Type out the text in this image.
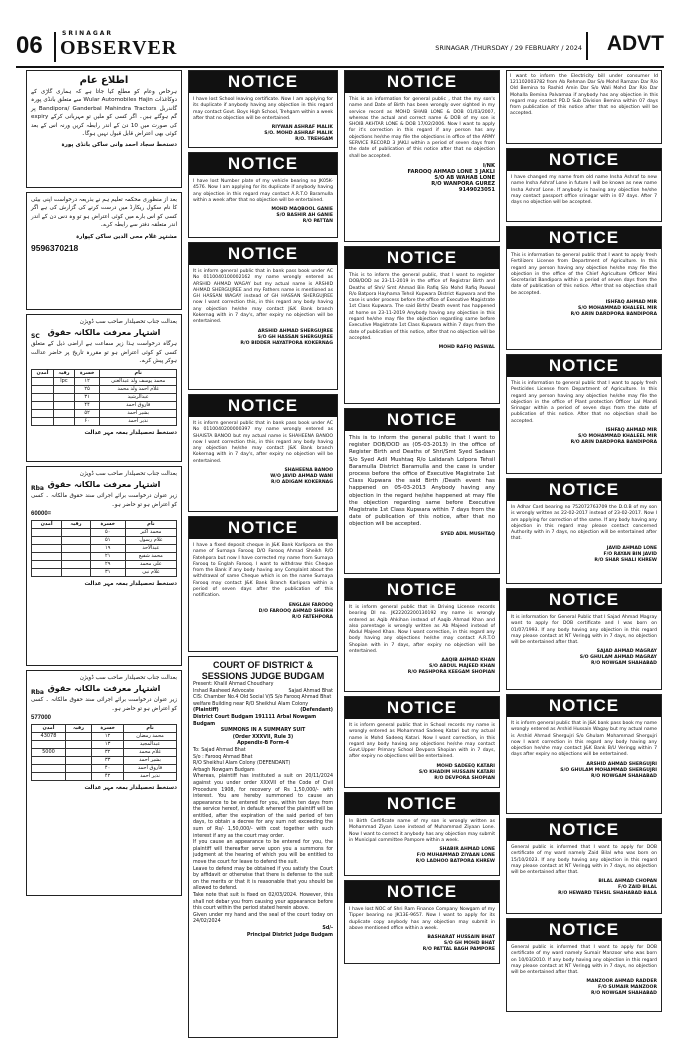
06	SRINAGAR
OBSERVER	SRINAGAR /THURSDAY / 29 FEBRUARY / 2024	ADVT
اطلاع عام
ہرخاص وعام کو مطلع کیا جاتا ہے کہ ہماری گاڑی کے دوکاغذات Wular Automobiles Hajin سے متعلق بانڈی پورہ گاندربل Bandipora/ Ganderbal Mahindra Tractors پر گم ہوگئے ہیں۔ اگر کسی کو ملیں تو مہربانی کرکے expiry کی صورت میں 10 دن کے اندر رابطہ کریں ورنہ اس کے بعد کوئی بھی اعتراض قابل قبول نہیں ہوگا۔
دستخط سجاد احمد وانی ساکن بانڈی پورہ
بعد از منظوری محکمہ تعلیم ہم نے بذریعہ درخواست اپنی بیٹی کا نام سکول ریکارڈ میں درست کرنے کی گزارش کی ہے اگر کسی کو اس بارے میں کوئی اعتراض ہو تو وہ دس دن کے اندر اندر متعلقہ دفتر سے رابطہ کرے۔
مشتہر غلام محی الدین ساکن کپوارہ
9596370218
بعدالت جناب تحصیلدار صاحب سب ڈویژن
SC اشتہار معرفت مالکانہ حقوق
ہرگاہ درخواست ہذا زیر سماعت ہے اراضی ذیل کے متعلق کسی کو کوئی اعتراض ہو تو مقررہ تاریخ پر حاضر عدالت ہوکر پیش کرے۔
نام	خسرہ	رقبہ	آمدن
محمد یوسف ولد عبدالغنی	۱۲	lpc	
غلام احمد ولد محمد	۲۵		
عبدالرشید	۳۱		
فاروق احمد	۴۴		
بشیر احمد	۵۲		
نذیر احمد	۶۰		
دستخط تحصیلدار بمعہ مہر عدالت
بعدالت جناب تحصیلدار صاحب سب ڈویژن
Rba اشتہار معرفت مالکانہ حقوق
زیر عنوان درخواست برائے اجرائی سند حقوق مالکانہ ۔ کسی کو اعتراض ہو تو حاضر ہو۔
60000=
نام	خسرہ	رقبہ	آمدن
محمد اکبر	۵۰		
غلام رسول	۵۱		
عبدالاحد	۱۹		
محمد شفیع	۲۱		
علی محمد	۲۹		
غلام نبی	۳۱		
دستخط تحصیلدار بمعہ مہر عدالت
بعدالت جناب تحصیلدار صاحب سب ڈویژن
Rba اشتہار معرفت مالکانہ حقوق
زیر عنوان درخواست برائے اجرائی سند حقوق مالکانہ ۔ کسی کو اعتراض ہو تو حاضر ہو۔
577000
نام	خسرہ	رقبہ	آمدن
محمد رمضان	۱۲		43078
عبدالمجید	۱۳		
غلام محمد	۳۲		5000
بشیر احمد	۳۳		
فاروق احمد	۴۰		
نذیر احمد	۴۲		
دستخط تحصیلدار بمعہ مہر عدالت
NOTICE
I have lost School leaving certificate. Now I am applying for its duplicate if anybody having any objection in this regard may contact Govt. Boys High School, Trehgam within a week after that no objection will be entertained.
RIYWAN ASHRAF MALIK
S/O. MOHD ASHRAF MALIK
R/O. TREHGAM
NOTICE
I have lost Number plate of my vehicle bearing no JK05K-4576. Now I am applying for its duplicate if anybody having any objection in this regard may contact A.R.T.O Baramulla within a week after that no objection will be entertained.
MOHD MAQBOOL GANIE
S/O BASHIR AH GANIE
R/O PATTAN
NOTICE
It is inform general public that in bank pass book under AC No 0110040100002162 my name wrongly entered as ARSHID AHMAD WAGAY but my actual name is ARSHID AHMAD SHERGUJREE and my Fathers name is mentioned as GH HASSAN WAGAY instead of GH HASSAN SHERGUJREE now I want correction this, in this regard any body having any objection he/she may contact J&K Bank branch Kokernag with in 7 day's, after expiry no objection will be entertained.
ARSHID AHMAD SHERGUJREE
S/O GH HASSAN SHERGUJREE
R/O BIDDER HAYATPORA KOKERNAG
NOTICE
It is inform general public that in bank pass book under AC No 0110040200000397 my name wrongly entered as SHAISTA BANOO but my actual name is SHAHEENA BANOO now I want correction this, in this regard any body having any objection he/she may contact J&K Bank branch Kokernag with in 7 day's, after expiry no objection will be entertained.
SHAHEENA BANOO
W/O JAVID AHMAD WANI
R/O ADIGAM KOKERNAG
NOTICE
I have a fixed deposit cheque in J&K Bank Karlipora on the name of Sumaya Farooq D/O Farooq Ahmad Sheikh R/O Fatehpora but now I have corrected my name from Sumaya Farooq to Englah Farooq. I want to withdraw this Cheque from the Bank if any body having any Complaint about the withdrawal of same Cheque which is on the name Sumaya Farooq may contact J&K Bank Branch Karlipora within a period of seven days after the publication of this notification.
ENGLAH FAROOQ
D/O FAROOQ AHMAD SHEIKH
R/O FATEHPORA
COURT OF DISTRICT & SESSIONS JUDGE BUDGAM
Present: Khalil Ahmad Choudhary
Irshad Rasheed Advocate	Sajad Ahmad Bhat
CIS: Chamber No.4 Old Social V/S S/o Farooq Ahmad Bhat
welfare Building near R/O Sheikhul Alam Colony
(Plaintiff)	(Defendant)
District Court Budgam 191111 Arbal Nowgam Budgam
SUMMONS IN A SUMMARY SUIT
(Order XXXVII, Rule 3)
Appendix-B Form-4
To: Sajad Ahmad Bhat
S/o : Farooq Ahmad Bhat
R/O Sheikhul Alam Colony (DEFENDANT)
Arbagh Nowgam Budgam
Whereas, plaintiff has instituted a suit on 20/11/2024 against you under order XXXVII of the Code of Civil Procedure 1908, for recovery of Rs 1,50,000/- with interest. You are hereby summoned to cause an appearance to be entered for you, within ten days from the service hereof, in default whereof the plaintiff will be entitled, after the expiration of the said period of ten days, to obtain a decree for any sum not exceeding the sum of Rs/- 1,50,000/- with cost together with such interest if any as the court may order.
If you cause an appearance to be entered for you, the plaintiff will thereafter serve upon you a summons for judgment at the hearing of which you will be entitled to move the court for leave to defend the suit.
Leave to defend may be obtained if you satisfy the Court by affidavit or otherwise that there is defense to the suit on the merits or that it is reasonable that you should be allowed to defend.
Take note that suit is fixed on 02/03/2024. However, this shall not debar you from causing your appearance before this court within the period stated herein above.
Given under my hand and the seal of the court today on 24/02/2024
Sd/-
Principal District Judge Budgam
NOTICE
This is an information for general public , that the my son's name and Date of Birth has been wrongly over sighted in my service record as MOHD SHAIB LONE & DOB 01/03/2007, whereas the actual and correct name & DOB of my son is SHOIB AKHTAR LONE & DOB 17/02/2006. Now I want to apply for it's correction in this regard if any person has any objections he/she may file the objections in office of the ARMY SERVICE RECORD 3 JAKLI within a period of seven days from the date of publication of this notice after that no objection shall be accepted.
I/NK
FAROOQ AHMAD LONE 3 JAKLI
S/O AB WAHAB LONE
R/O WANPORA GUREZ
9149023051
NOTICE
This is to inform the general public, that I want to register DOB/DOD as 23-11-2019 in the office of Registrar Birth and Deaths of Shri/ Smt Ahmad Bin Rafiq S/o Mohd Rafiq Paswal R/o Batpora Hayhama Tehsil Kupwara District Kupwara and the case is under process before the office of Executive Magistrate 1st Class Kupwara. The said Birth/ Death event has happened at home on 23-11-2019 Anybody having any objection in this regard he/she may file the objection regarding same before Executive Magistrate 1st Class Kupwara within 7 days from the date of publication of this notice, after that no objection will be accepted.
MOHD RAFIQ PASWAL
NOTICE
This is to inform the general public that I want to register DOB/DOD as (05-03-2013) in the office of Register Birth and Deaths of Shri/Smt Syed Sadaan S/o Syed Adil Mushtaq R/o Lalidarah Lolpora Tehsil Baramulla District Baramulla and the case is under process before the office of Executive Magistrate 1st Class Kupwara the said Birth /Death event has happened on 05-03-2013 Anybody having any objection in the regard he/she happened at may file the objection regarding same before Executive Magistrate 1st Class Kupwara within 7 days from the date of publication of this notice, after that no objection will be accepted.
SYED ADIL MUSHTAQ
NOTICE
It is inform general public that in Driving License records bearing DI no. JK22202200130192 my name is wrongly entered as Aqib Ahkihan instead of Aaqib Ahmad Khan and also parentage is wrongly written as Ab Majeed instead of Abdul Majeed Khan. Now I want correction, in this regard any body having any objections he/she may contact A.R.T.O Shopian with in 7 days, after expiry no objection will be entertained.
AAQIB AHMAD KHAN
S/O ABDUL MAJEED KHAN
R/O PASHPORA KEEGAM SHOPIAN
NOTICE
It is inform general public that in School records my name is wrongly entered as Mohammad Sadeeq Katari but my actual name is Mohd Sadeeq Katari. Now I want correction, in this regard any body having any objections he/she may contact Govt.Upper Primary School Devpora Shopian with in 7 days, after expiry no objections will be entertained.
MOHD SADEEQ KATARI
S/O KHADIM HUSSAIN KATARI
R/O DEVPORA SHOPIAN
NOTICE
In Birth Certificate name of my son is wrongly written as Mohammad Ziyan Lone instead of Muhammad Ziyaan Lone. Now I want to correct it anybody has any objection may submit in Municipal committee Pampore within a week.
SHABIR AHMAD LONE
F/O MUHAMMAD ZIYAAN LONE
R/O LADHOO BATPORA KHREW
NOTICE
I have lost NOC of Shri Ram Finance Company Nowgam of my Tipper bearing no JK13E-9657. Now I want to apply for its duplicate copy anybody has any objection may submit in above mentioned office within a week.
BASHARAT HUSSAIN BHAT
S/O GH MOHD BHAT
R/O PATTAL BAGH PAMPORE
I want to inform the Electricity bill under consumer Id 121102003782 from Ab Rehman Dar S/o Mohd Ramzan Dar R/o Old Bemina to Rashid Amin Dar S/o Wali Mohd Dar R/o Dar Mohalla Bemina Palvamaa if anybody has any objection in this regard may contact PD.D Sub Division Bemina within 07 days from publication of this notice after that no objection will be accepted.
NOTICE
I have changed my name from old name Insha Ashraf to new name Insha Ashraf Lone in future I will be known as new name Insha Ashraf Lone. If anybody is having any objection he/she may contact passport office srinagar with in 07 days. After 7 days no objection will be accepted.
NOTICE
This is information to general public that I want to apply fresh Fertilizers License from Department of Agriculture. In this regard any person having any objection he/she may file the objection in the office of the Chief Agriculture Officer Mini Secretariat Bandipora within a period of seven days from the date of publication of this notice. After that no objection shall be accepted.
ISHFAQ AHMAD MIR
S/O MOHAMMAD KHALEEL MIR
R/O ARIN DARDPORA BANDIPORA
NOTICE
This is information to general public that I want to apply fresh Pesticides License from Department of Agriculture. In this regard any person having any objection he/she may file the objection in the office of Plant protection Officer Lal Mandi Srinagar within a period of seven days from the date of publication of this notice. After that no objection shall be accepted.
ISHFAQ AHMAD MIR
S/O MOHAMMAD KHALEEL MIR
R/O ARIN DARDPORA BANDIPORA
NOTICE
In Adhar Card bearing no 752072763709 the D.O.B of my son is wrongly written as 22-02-2017 instead of 23-02-2017. Now I am applying for correction of the same. If any body having any objection in this regard may please contact concerned Authority with in 7 days, no objection will be entertained after that.
JAVID AHMAD LONE
F/O RAYAN BIN JAVID
R/O SHAR SHALI KHREW
NOTICE
It is information for General Public that I Sajad Ahmad Magray want to apply for DOB certificate and I was born on 01/07/1993. If any body having any objection in this regard may please contact at NT Veringg with in 7 days, no objection will be entertained after that.
SAJAD AHMAD MAGRAY
S/O GHULAM AHMAD MAGRAY
R/O NOWGAM SHAHABAD
NOTICE
It is inform general public that in J&K bank pass book my name wrongly entered as Arshid Hussain Wagay but my actual name is Arshid Ahmad Shergujri S/o Ghulam Mohammad Shergujri now I want correction in this regard any body having any objection he/she may contact J&K Bank B/U Veringg within 7 days after expiry no objections will be entertained.
ARSHID AHMAD SHERGUJRI
S/O GHULAM MOHAMMAD SHERGUJRI
R/O NOWGAM SHAHABAD
NOTICE
General public is informed that I want to apply for DOB certificate of my ward namely Zaid Bilal who was born on 15/10/2023. If any body having any objection in this regard may please contact at NT Veringg with in 7 days, no objection will be entertained after that.
BILAL AHMAD CHOPAN
F/O ZAID BILAL
R/O HEWARD TEHSIL SHAHABAD BALA
NOTICE
General public is informed that I want to apply for DOB certificate of my ward namely Sumair Manzoor who was born on 10/03/2010. If any body having any objection in this regard may please contact at NT Veringg with in 7 days, no objection will be entertained after that.
MANZOOR AHMAD RADDER
F/O SUMAIR MANZOOR
R/O NOWGAM SHAHABAD
